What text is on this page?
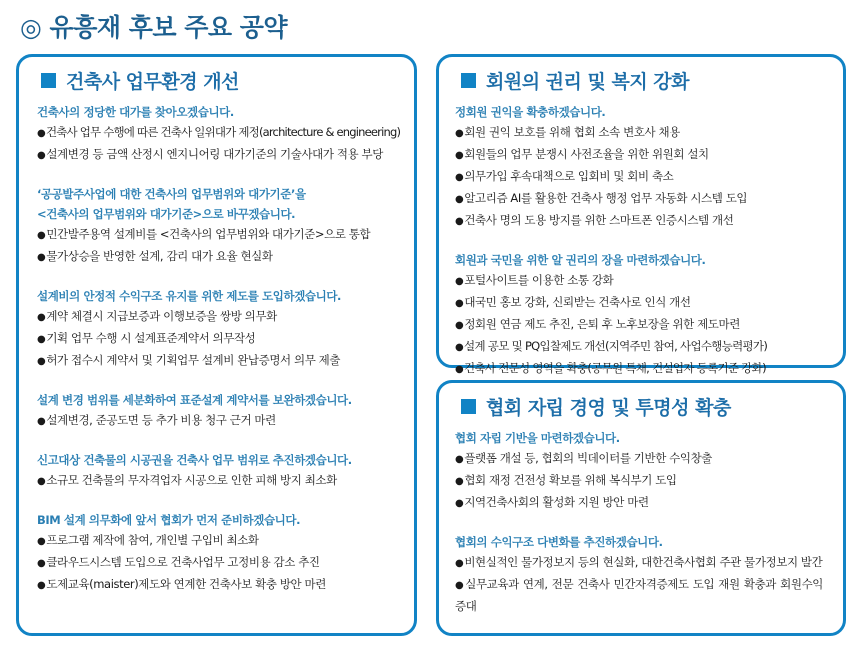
◎ 유흥재 후보 주요 공약
건축사 업무환경 개선
건축사의 정당한 대가를 찾아오겠습니다.
●건축사 업무 수행에 따른 건축사 일위대가 제정(architecture & engineering)
●설계변경 등 금액 산정시 엔지니어링 대가기준의 기술사대가 적용 부당
‘공공발주사업에 대한 건축사의 업무범위와 대가기준’을
<건축사의 업무범위와 대가기준>으로 바꾸겠습니다.
●민간발주용역 설계비를 <건축사의 업무범위와 대가기준>으로 통합
●물가상승을 반영한 설계, 감리 대가 요율 현실화
설계비의 안정적 수익구조 유지를 위한 제도를 도입하겠습니다.
●계약 체결시 지급보증과 이행보증을 쌍방 의무화
●기획 업무 수행 시 설계표준계약서 의무작성
●허가 접수시 계약서 및 기획업무 설계비 완납증명서 의무 제출
설계 변경 범위를 세분화하여 표준설계 계약서를 보완하겠습니다.
●설계변경, 준공도면 등 추가 비용 청구 근거 마련
신고대상 건축물의 시공권을 건축사 업무 범위로 추진하겠습니다.
●소규모 건축물의 무자격업자 시공으로 인한 피해 방지 최소화
BIM 설계 의무화에 앞서 협회가 먼저 준비하겠습니다.
●프로그램 제작에 참여, 개인별 구입비 최소화
●클라우드시스템 도입으로 건축사업무 고정비용 감소 추진
●도제교육(maister)제도와 연계한 건축사보 확충 방안 마련
회원의 권리 및 복지 강화
정회원 권익을 확충하겠습니다.
●회원 권익 보호를 위해 협회 소속 변호사 채용
●회원들의 업무 분쟁시 사전조율을 위한 위원회 설치
●의무가입 후속대책으로 입회비 및 회비 축소
●알고리즘 AI를 활용한 건축사 행정 업무 자동화 시스템 도입
●건축사 명의 도용 방지를 위한 스마트폰 인증시스템 개선
회원과 국민을 위한 알 권리의 장을 마련하겠습니다.
●포털사이트를 이용한 소통 강화
●대국민 홍보 강화, 신뢰받는 건축사로 인식 개선
●정회원 연금 제도 추진, 은퇴 후 노후보장을 위한 제도마련
●설계 공모 및 PQ입찰제도 개선(지역주민 참여, 사업수행능력평가)
●건축사 전문성 영역을 확충(공무원 특채, 건설업자 등록기준 강화)
협회 자립 경영 및 투명성 확충
협회 자립 기반을 마련하겠습니다.
●플랫폼 개설 등, 협회의 빅데이터를 기반한 수익창출
●협회 재정 건전성 확보를 위해 복식부기 도입
●지역건축사회의 활성화 지원 방안 마련
협회의 수익구조 다변화를 추진하겠습니다.
●비현실적인 물가정보지 등의 현실화, 대한건축사협회 주관 물가정보지 발간
●실무교육과 연계, 전문 건축사 민간자격증제도 도입 재원 확충과 회원수익 증대
